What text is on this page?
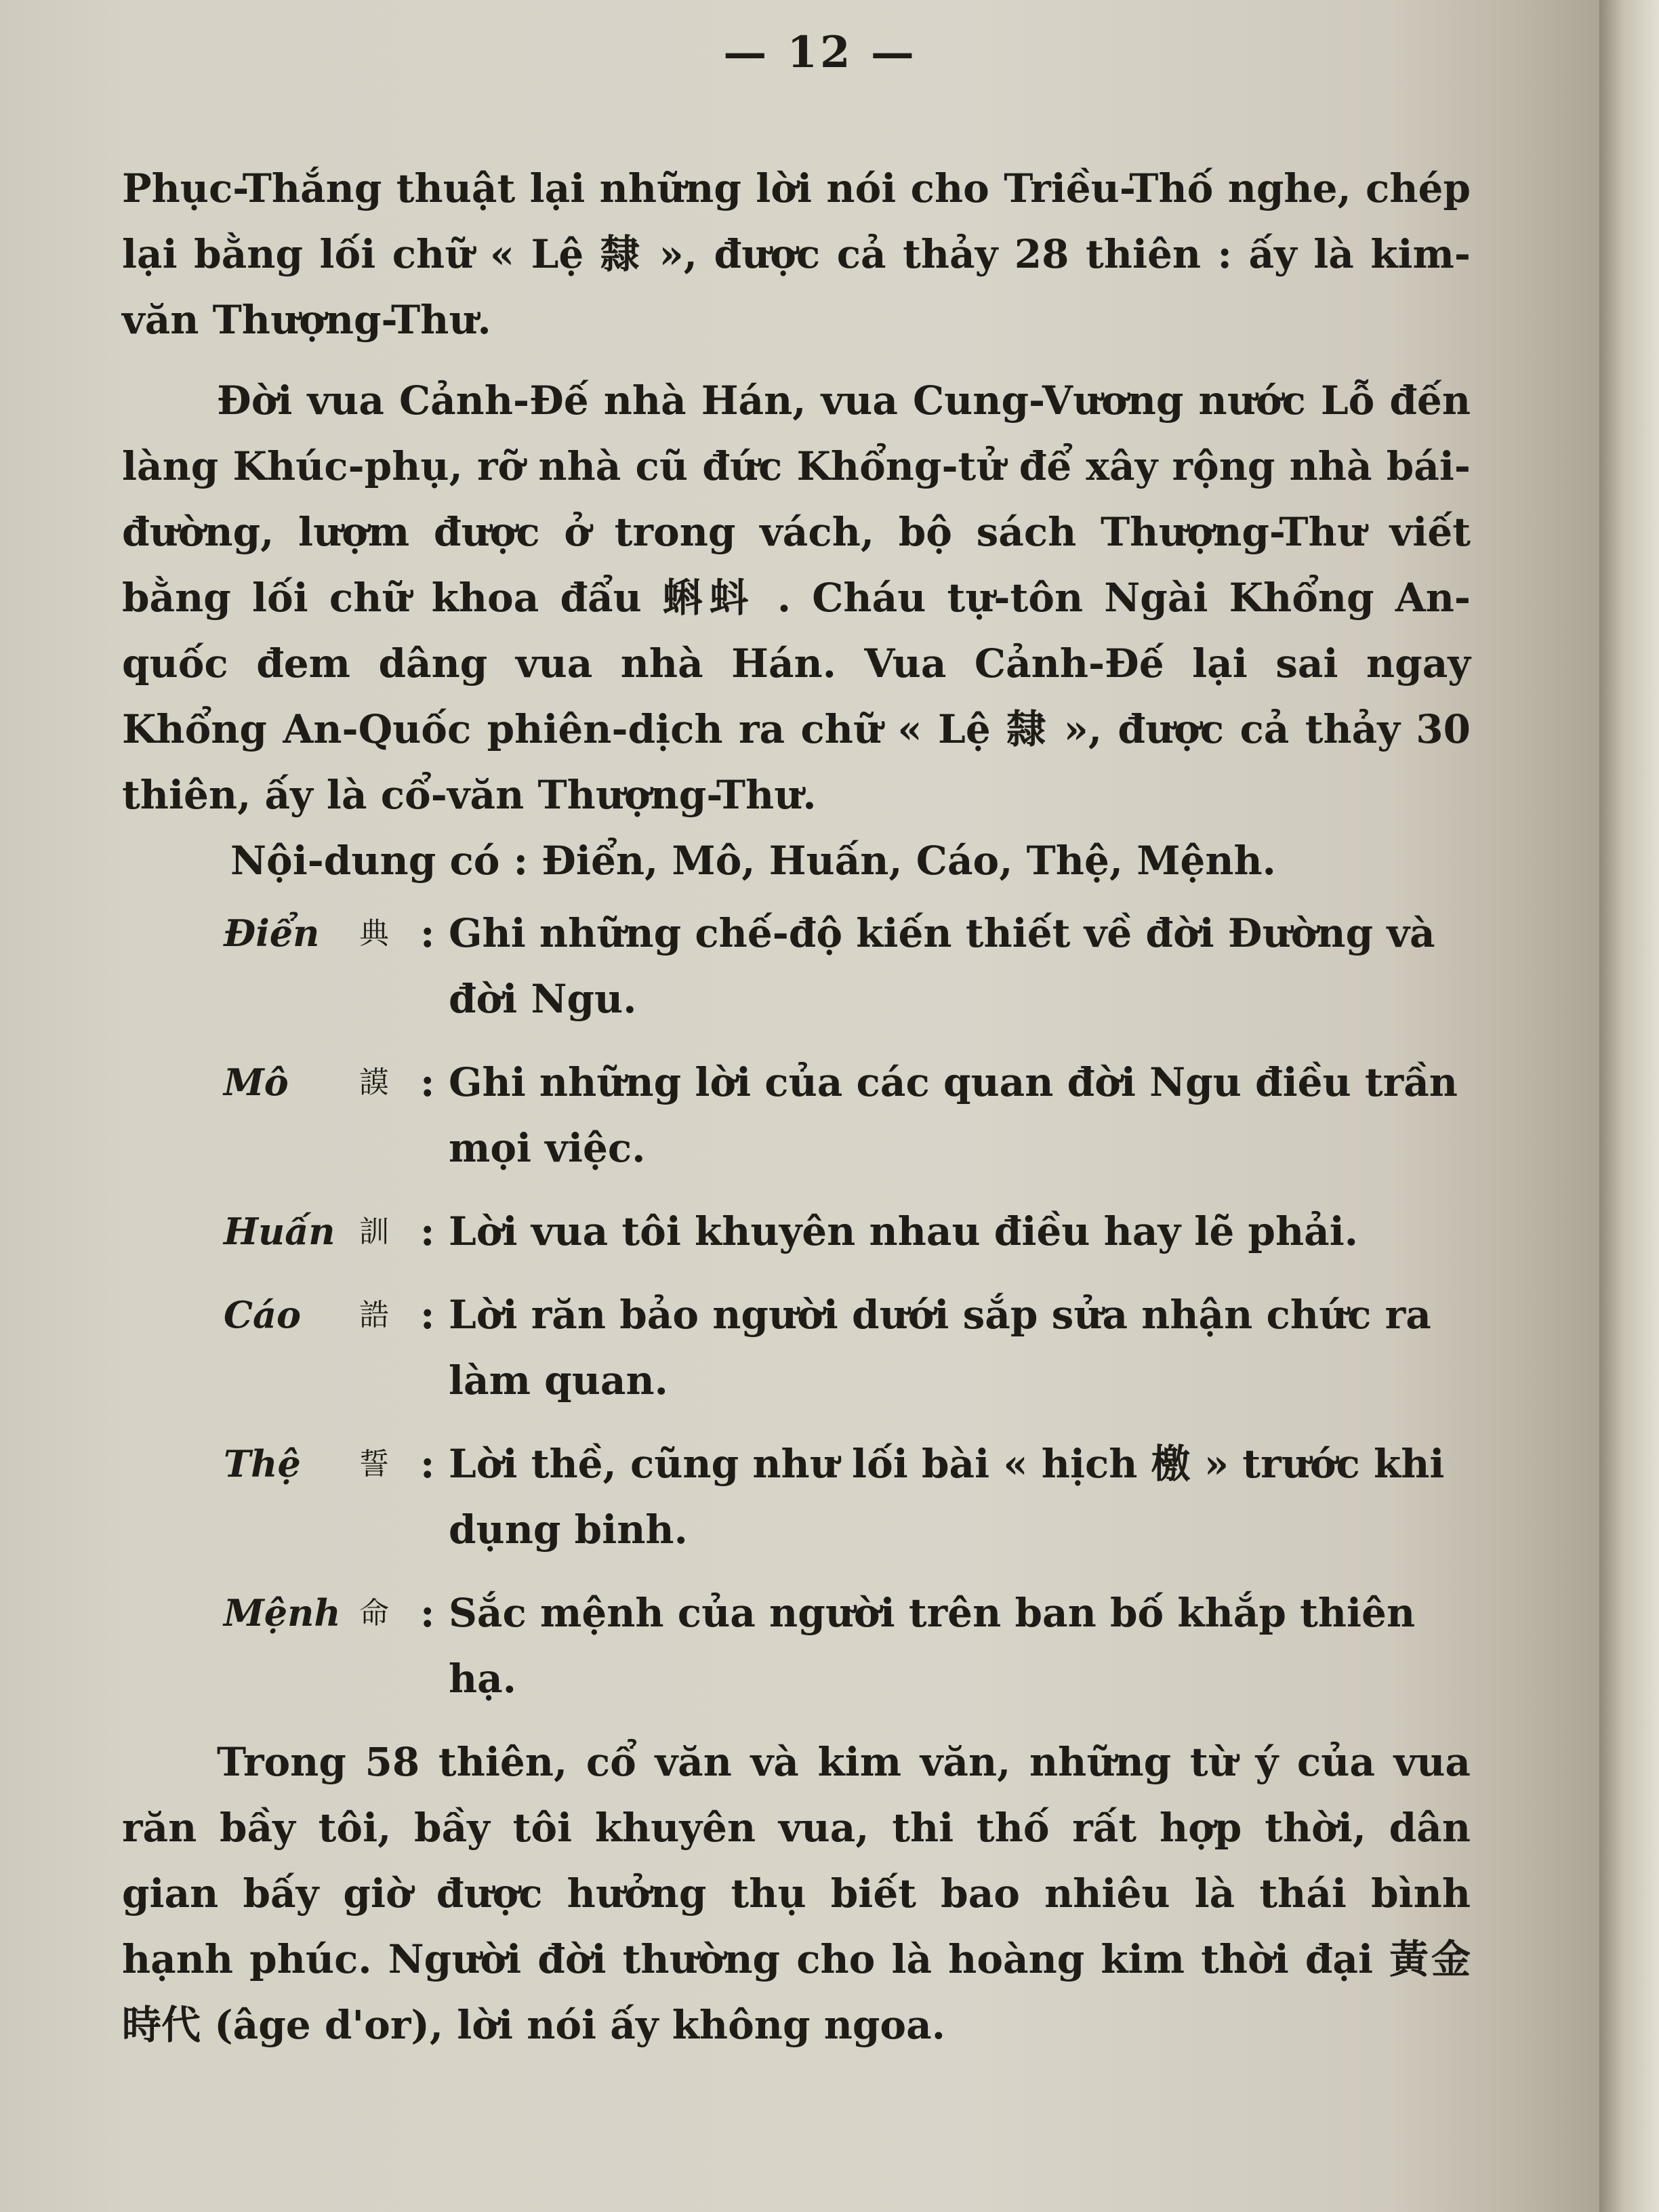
— 12 —

Phục-Thắng thuật lại những lời nói cho Triều-Thố nghe, chép lại bằng lối chữ « Lệ 隸 », được cả thảy 28 thiên : ấy là kim-văn Thượng-Thư.

Đời vua Cảnh-Đế nhà Hán, vua Cung-Vương nước Lỗ đến làng Khúc-phụ, rỡ nhà cũ đức Khổng-tử để xây rộng nhà bái-đường, lượm được ở trong vách, bộ sách Thượng-Thư viết bằng lối chữ khoa đẩu 蝌蚪 . Cháu tự-tôn Ngài Khổng An-quốc đem dâng vua nhà Hán. Vua Cảnh-Đế lại sai ngay Khổng An-Quốc phiên-dịch ra chữ « Lệ 隸 », được cả thảy 30 thiên, ấy là cổ-văn Thượng-Thư.

Nội-dung có : Điển, Mô, Huấn, Cáo, Thệ, Mệnh.

Điển	典 : Ghi những chế-độ kiến thiết về đời Đường và đời Ngu.
Mô	謨 : Ghi những lời của các quan đời Ngu điều trần mọi việc.
Huấn 訓 : Lời vua tôi khuyên nhau điều hay lẽ phải.
Cáo	誥 : Lời răn bảo người dưới sắp sửa nhận chức ra làm quan.
Thệ	誓 : Lời thề, cũng như lối bài « hịch 檄 » trước khi dụng binh.
Mệnh 命 : Sắc mệnh của người trên ban bố khắp thiên hạ.

Trong 58 thiên, cổ văn và kim văn, những từ ý của vua răn bầy tôi, bầy tôi khuyên vua, thi thố rất hợp thời, dân gian bấy giờ được hưởng thụ biết bao nhiêu là thái bình hạnh phúc. Người đời thường cho là hoàng kim thời đại 黃金時代 (âge d'or), lời nói ấy không ngoa.
